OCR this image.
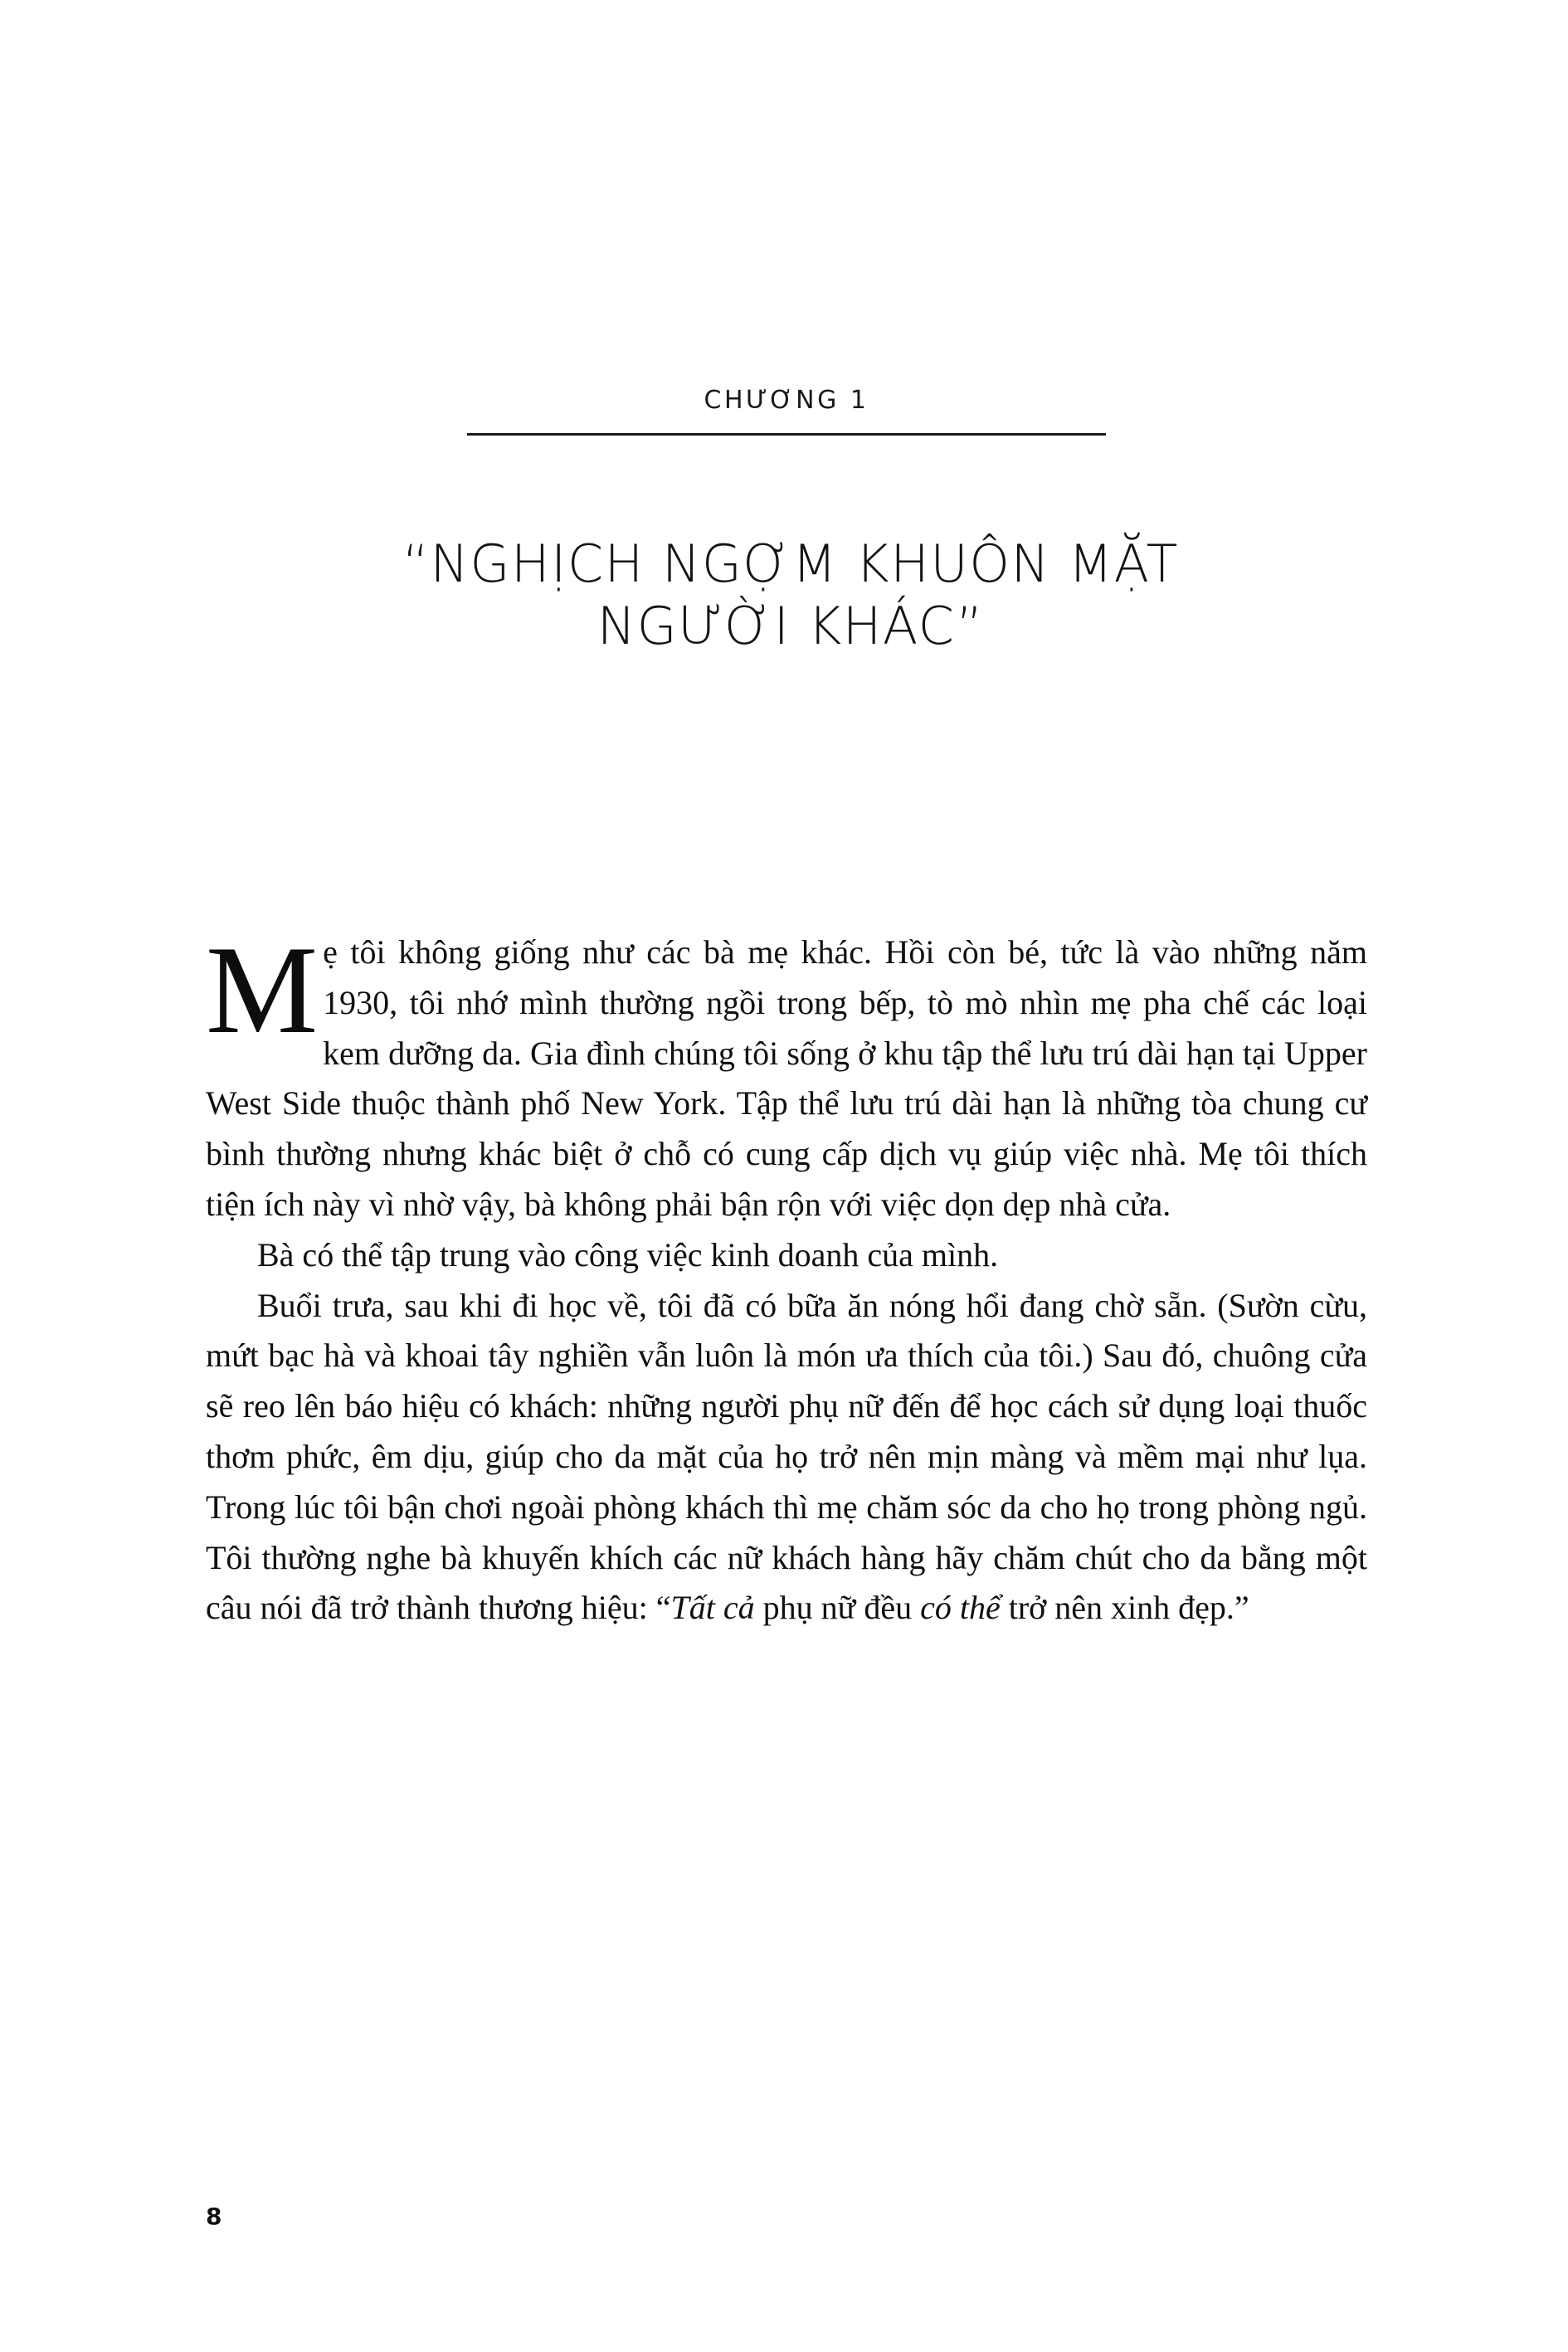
CHƯƠNG 1
“NGHỊCH NGỢM KHUÔN MẶT NGƯỜI KHÁC”

Mẹ tôi không giống như các bà mẹ khác. Hồi còn bé, tức là vào những năm 1930, tôi nhớ mình thường ngồi trong bếp, tò mò nhìn mẹ pha chế các loại kem dưỡng da. Gia đình chúng tôi sống ở khu tập thể lưu trú dài hạn tại Upper West Side thuộc thành phố New York. Tập thể lưu trú dài hạn là những tòa chung cư bình thường nhưng khác biệt ở chỗ có cung cấp dịch vụ giúp việc nhà. Mẹ tôi thích tiện ích này vì nhờ vậy, bà không phải bận rộn với việc dọn dẹp nhà cửa.

Bà có thể tập trung vào công việc kinh doanh của mình.

Buổi trưa, sau khi đi học về, tôi đã có bữa ăn nóng hổi đang chờ sẵn. (Sườn cừu, mứt bạc hà và khoai tây nghiền vẫn luôn là món ưa thích của tôi.) Sau đó, chuông cửa sẽ reo lên báo hiệu có khách: những người phụ nữ đến để học cách sử dụng loại thuốc thơm phức, êm dịu, giúp cho da mặt của họ trở nên mịn màng và mềm mại như lụa. Trong lúc tôi bận chơi ngoài phòng khách thì mẹ chăm sóc da cho họ trong phòng ngủ. Tôi thường nghe bà khuyến khích các nữ khách hàng hãy chăm chút cho da bằng một câu nói đã trở thành thương hiệu: “Tất cả phụ nữ đều có thể trở nên xinh đẹp.”

8
